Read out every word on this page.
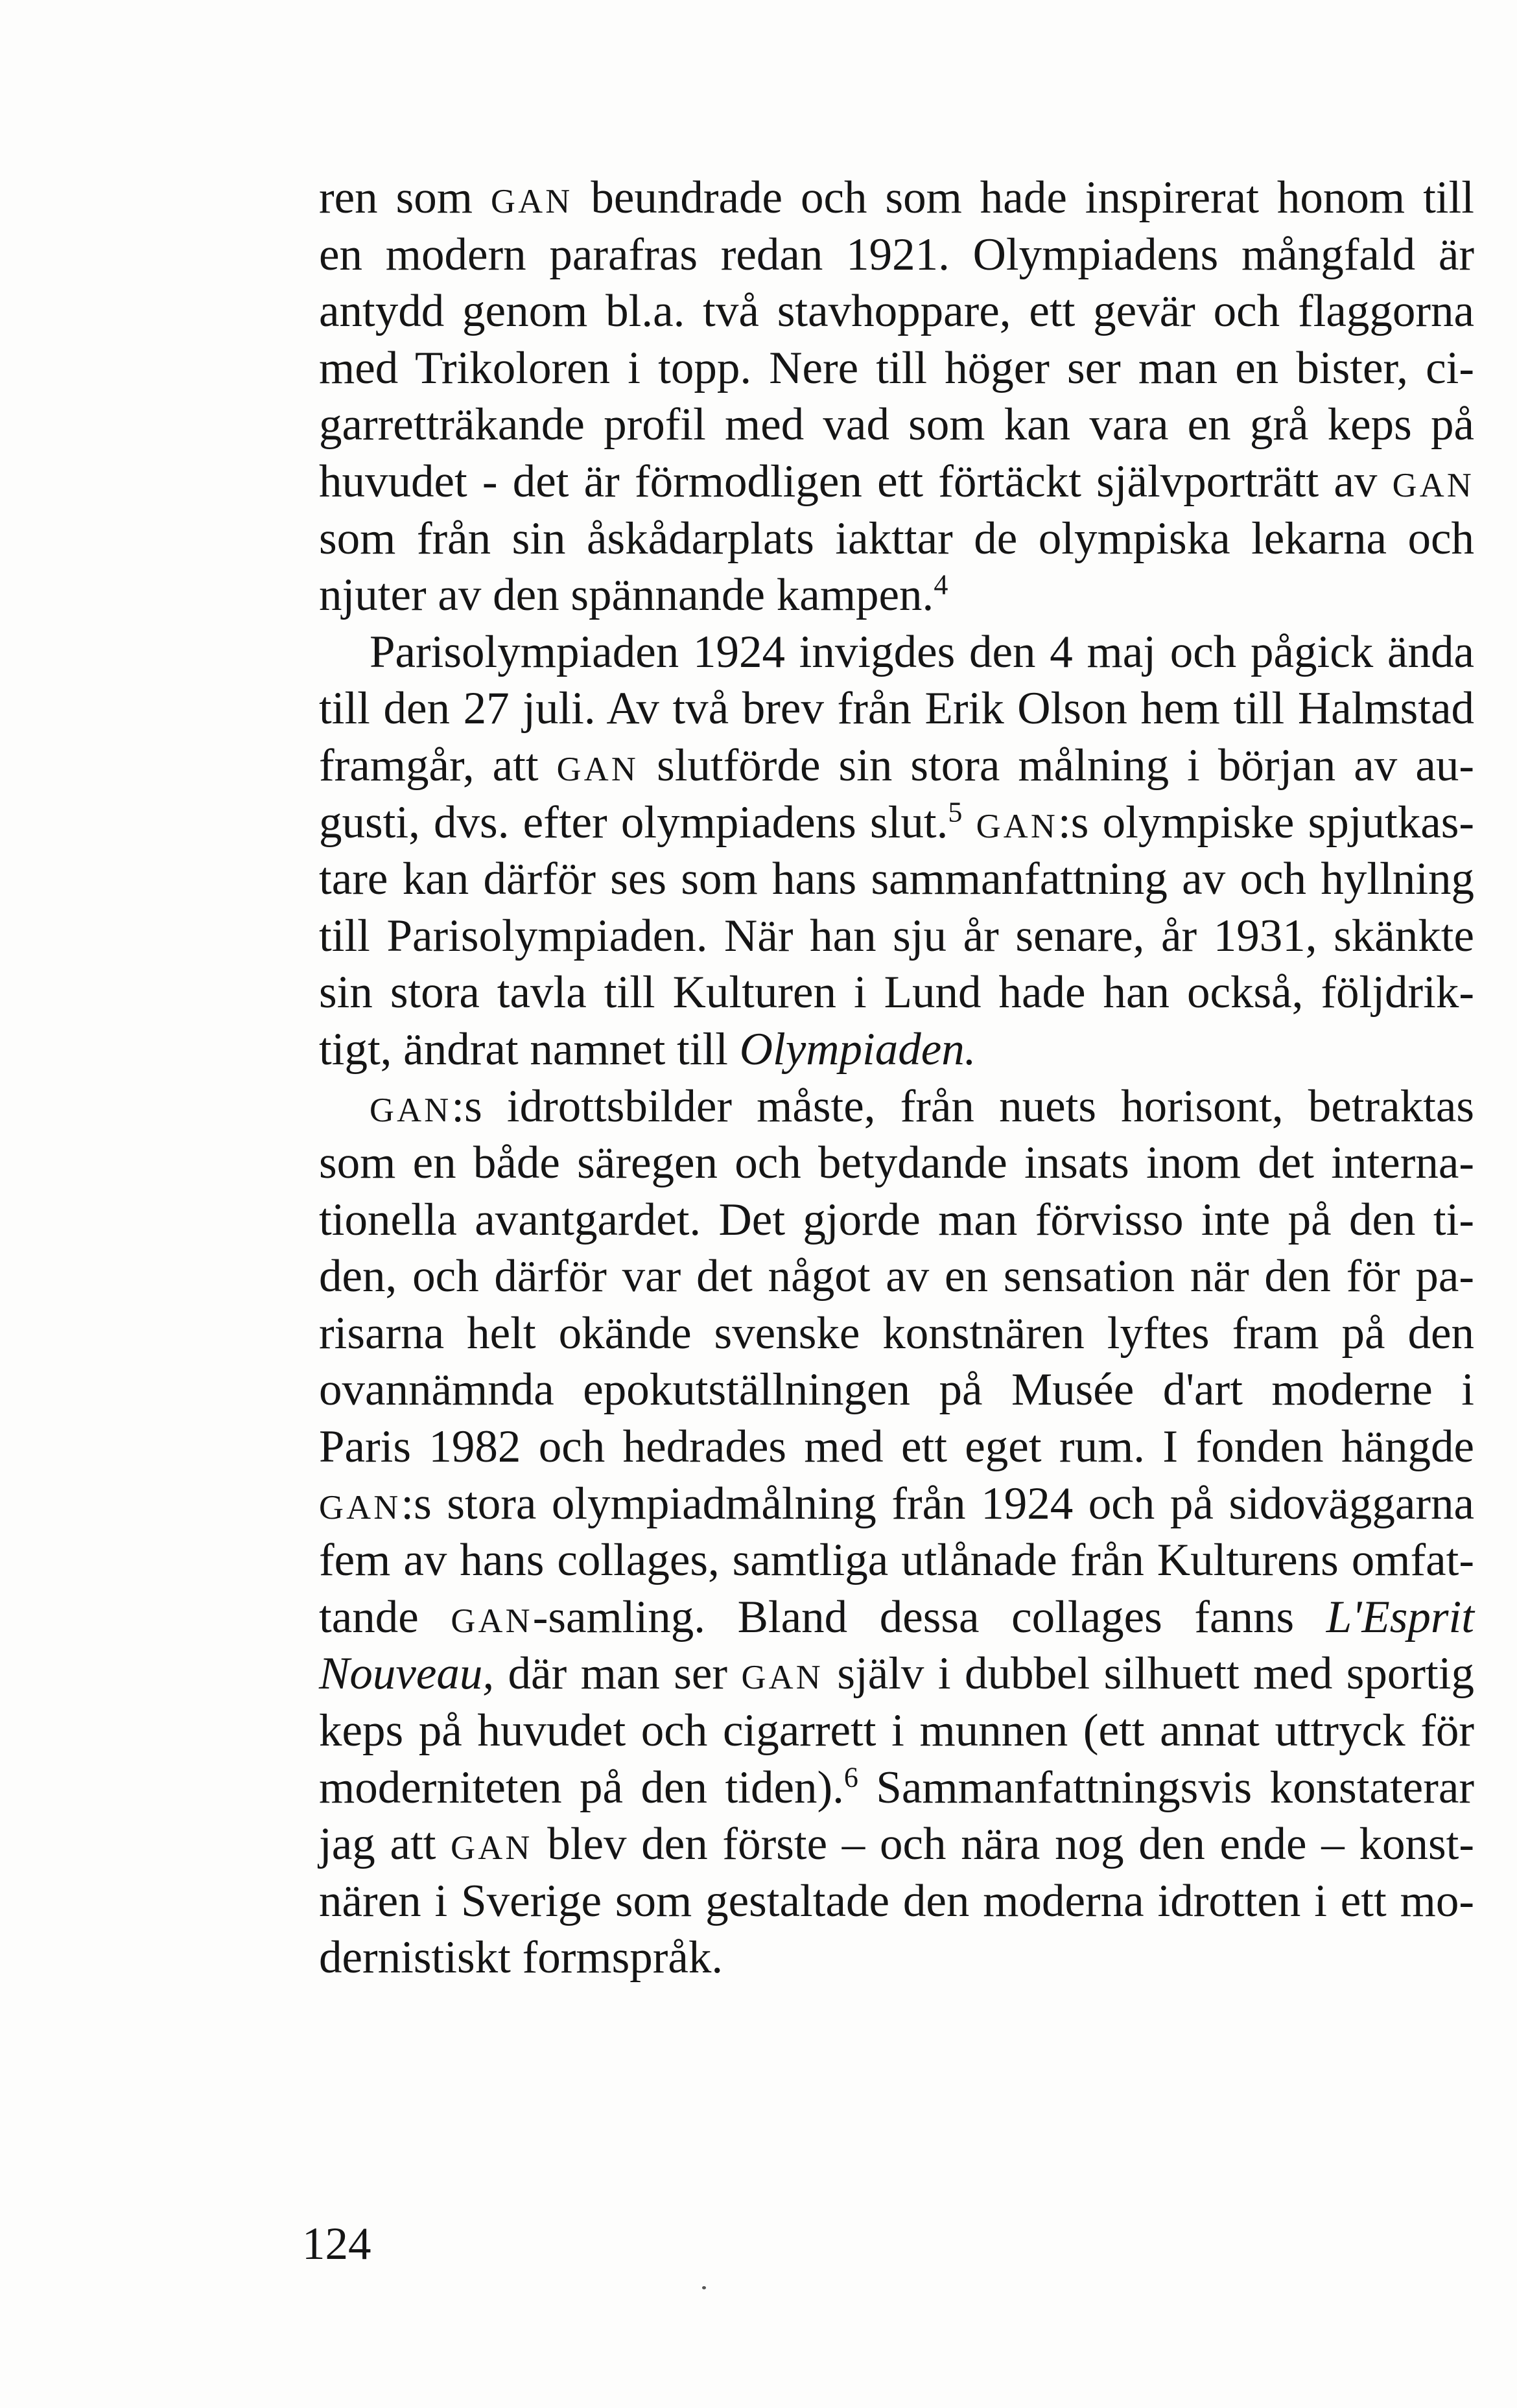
ren som GAN beundrade och som hade inspirerat honom till
en modern parafras redan 1921. Olympiadens mångfald är
antydd genom bl.a. två stavhoppare, ett gevär och flaggorna
med Trikoloren i topp. Nere till höger ser man en bister, ci-
garretträkande profil med vad som kan vara en grå keps på
huvudet - det är förmodligen ett förtäckt självporträtt av GAN
som från sin åskådarplats iakttar de olympiska lekarna och
njuter av den spännande kampen.$^4$
Parisolympiaden 1924 invigdes den 4 maj och pågick ända
till den 27 juli. Av två brev från Erik Olson hem till Halmstad
framgår, att GAN slutförde sin stora målning i början av au-
gusti, dvs. efter olympiadens slut.$^5$ GAN:s olympiske spjutkas-
tare kan därför ses som hans sammanfattning av och hyllning
till Parisolympiaden. När han sju år senare, år 1931, skänkte
sin stora tavla till Kulturen i Lund hade han också, följdrik-
tigt, ändrat namnet till Olympiaden.
GAN:s idrottsbilder måste, från nuets horisont, betraktas
som en både säregen och betydande insats inom det interna-
tionella avantgardet. Det gjorde man förvisso inte på den ti-
den, och därför var det något av en sensation när den för pa-
risarna helt okände svenske konstnären lyftes fram på den
ovannämnda epokutställningen på Musée d'art moderne i
Paris 1982 och hedrades med ett eget rum. I fonden hängde
GAN:s stora olympiadmålning från 1924 och på sidoväggarna
fem av hans collages, samtliga utlånade från Kulturens omfat-
tande GAN-samling. Bland dessa collages fanns L'Esprit
Nouveau, där man ser GAN själv i dubbel silhuett med sportig
keps på huvudet och cigarrett i munnen (ett annat uttryck för
moderniteten på den tiden).$^6$ Sammanfattningsvis konstaterar
jag att GAN blev den förste – och nära nog den ende – konst-
nären i Sverige som gestaltade den moderna idrotten i ett mo-
dernistiskt formspråk.
124
